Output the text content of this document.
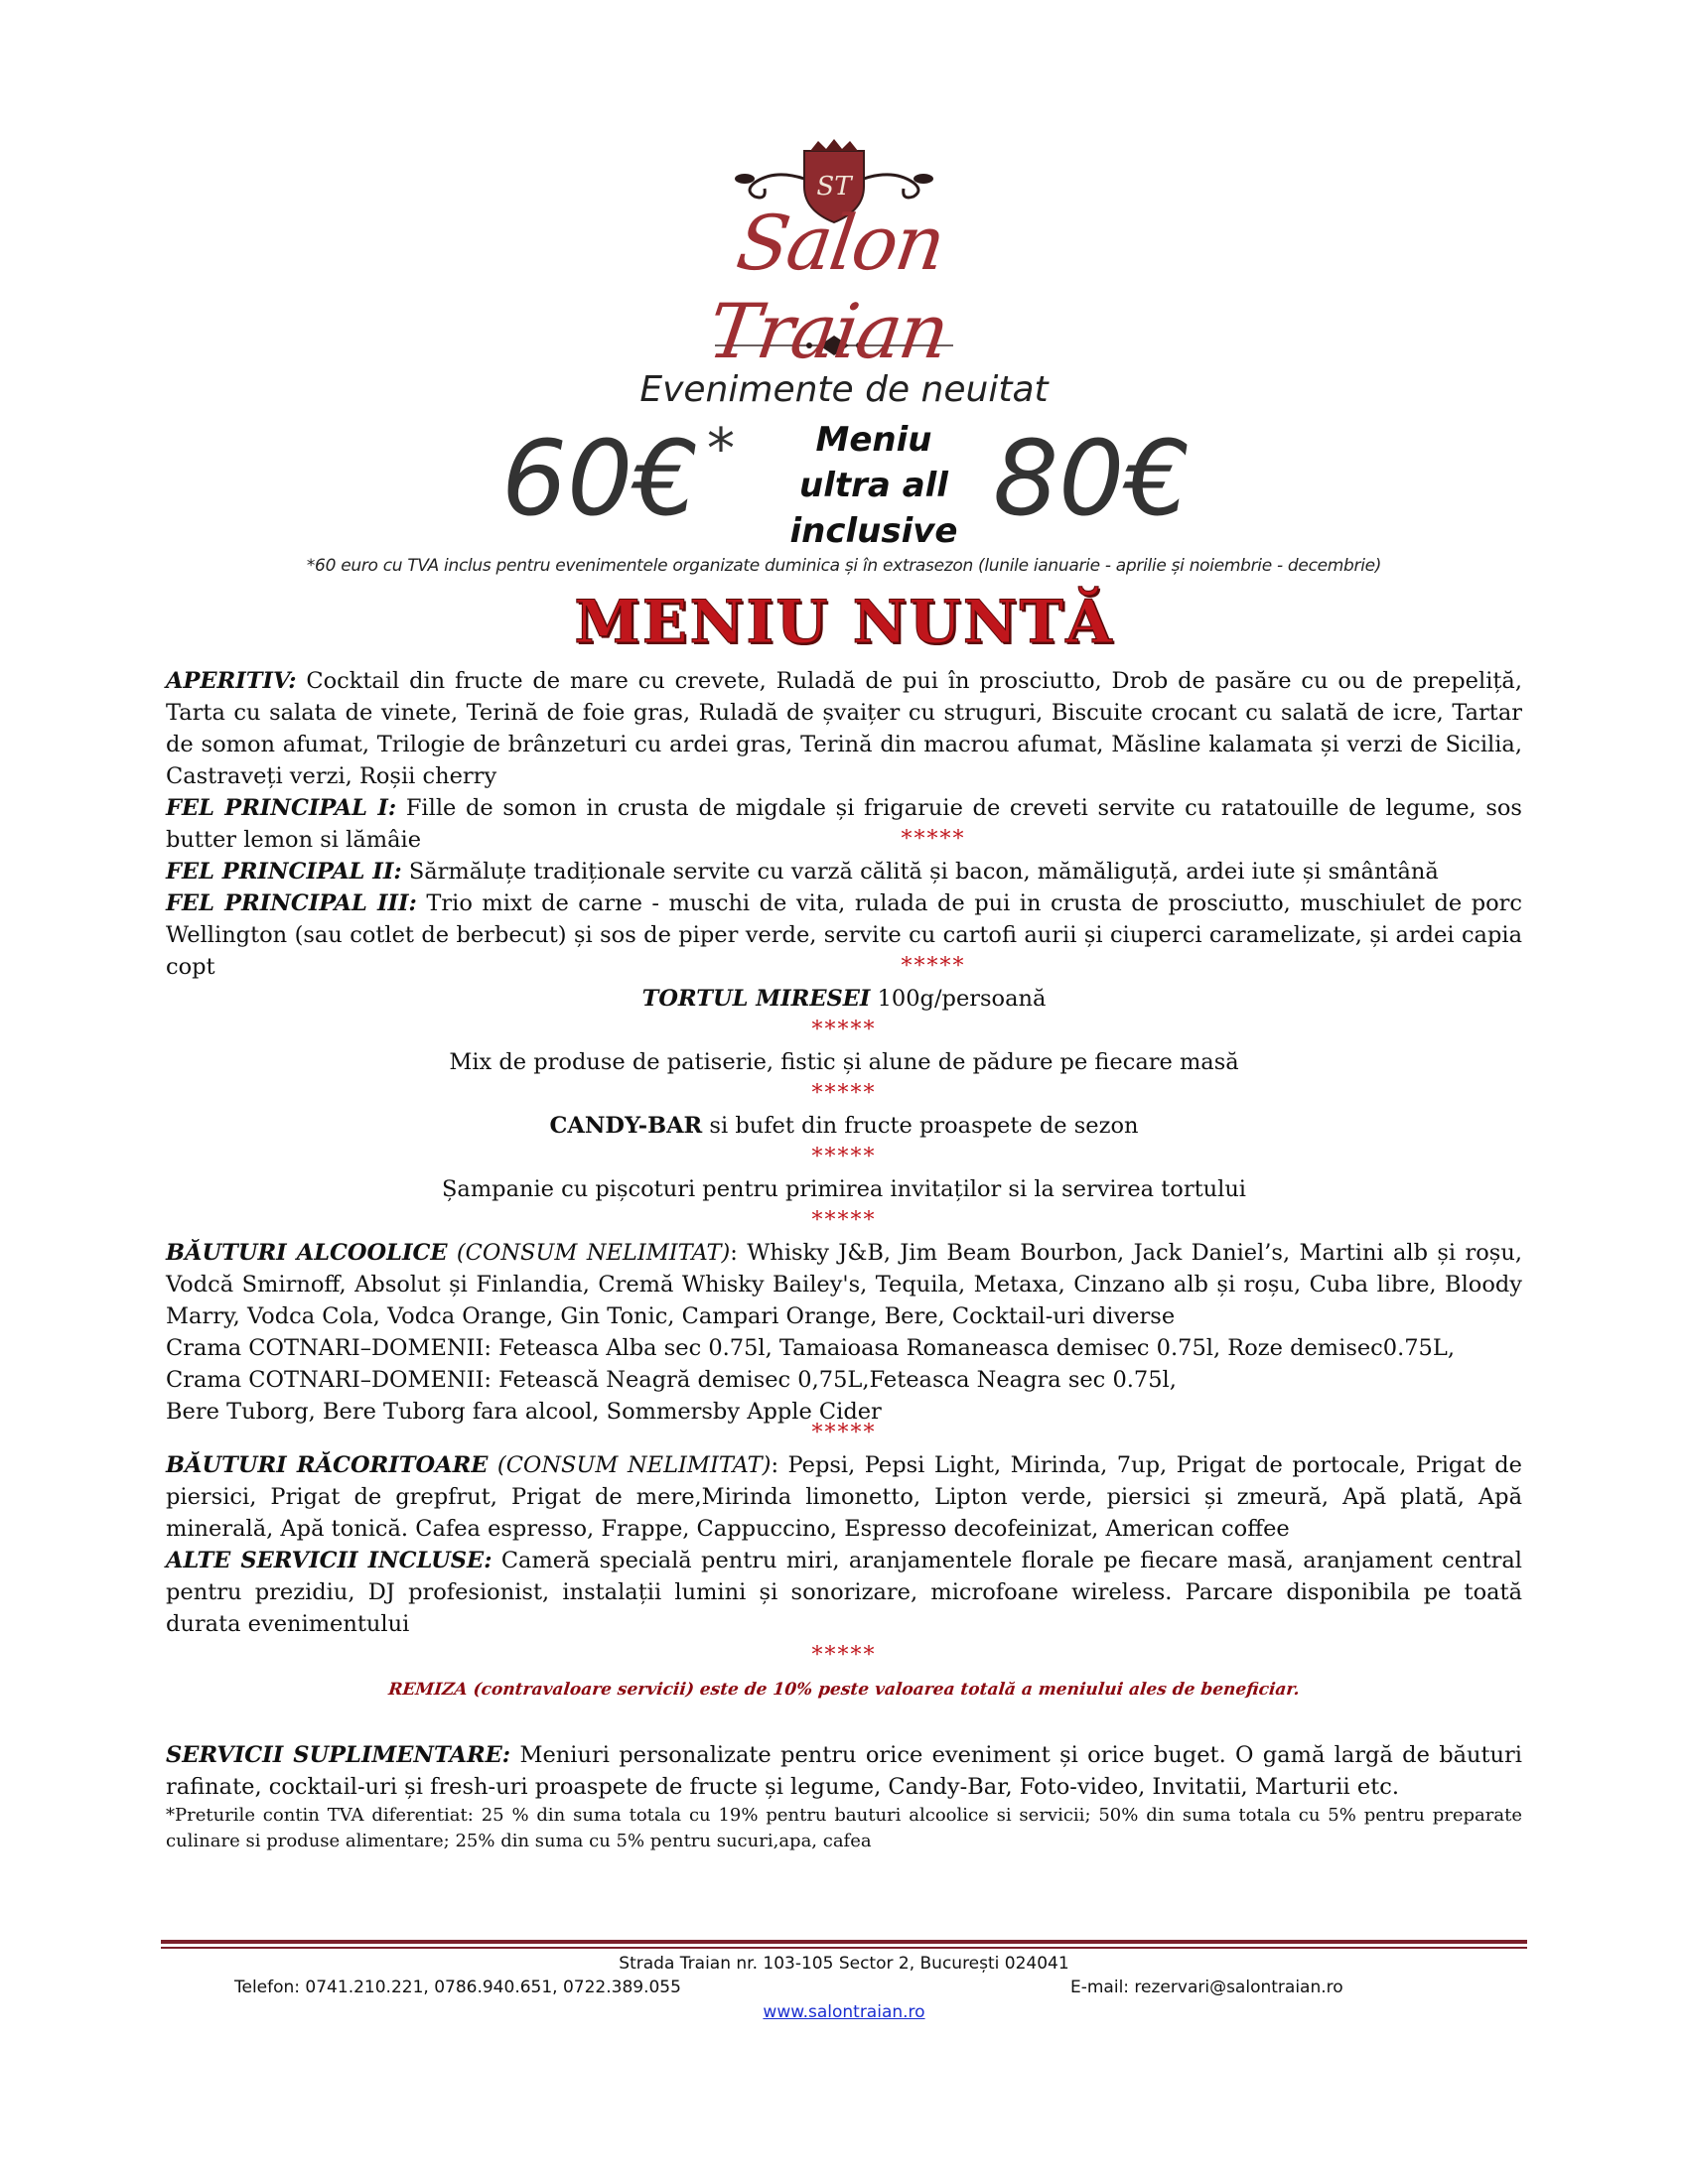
ST
Salon Traian
Evenimente de neuitat
60€ *	Meniu
ultra all
inclusive 80€
*60 euro cu TVA inclus pentru evenimentele organizate duminica și în extrasezon (lunile ianuarie - aprilie și noiembrie - decembrie)
MENIU NUNTĂ

APERITIV: Cocktail din fructe de mare cu crevete, Ruladă de pui în prosciutto, Drob de pasăre cu ou de prepeliță, Tarta cu salata de vinete, Terină de foie gras, Ruladă de șvaițer cu struguri, Biscuite crocant cu salată de icre, Tartar de somon afumat, Trilogie de brânzeturi cu ardei gras, Terină din macrou afumat, Măsline kalamata și verzi de Sicilia, Castraveți verzi, Roșii cherry

FEL PRINCIPAL I: Fille de somon in crusta de migdale și frigaruie de creveti servite cu ratatouille de legume, sos butter lemon si lămâie	*****

FEL PRINCIPAL II: Sărmăluțe tradiționale servite cu varză călită și bacon, mămăliguță, ardei iute și smântână

FEL PRINCIPAL III: Trio mixt de carne - muschi de vita, rulada de pui in crusta de prosciutto, muschiulet de porc Wellington (sau cotlet de berbecut) și sos de piper verde, servite cu cartofi aurii și ciuperci caramelizate, și ardei capia copt	*****

TORTUL MIRESEI 100g/persoană

*****

Mix de produse de patiserie, fistic și alune de pădure pe fiecare masă

*****

CANDY-BAR si bufet din fructe proaspete de sezon

*****

Șampanie cu pișcoturi pentru primirea invitaților si la servirea tortului

*****

BĂUTURI ALCOOLICE (CONSUM NELIMITAT): Whisky J&B, Jim Beam Bourbon, Jack Daniel’s, Martini alb și roșu, Vodcă Smirnoff, Absolut și Finlandia, Cremă Whisky Bailey's, Tequila, Metaxa, Cinzano alb și roșu, Cuba libre, Bloody Marry, Vodca Cola, Vodca Orange, Gin Tonic, Campari Orange, Bere, Cocktail-uri diverse

Crama COTNARI–DOMENII: Feteasca Alba sec 0.75l, Tamaioasa Romaneasca demisec 0.75l, Roze demisec0.75L,

Crama COTNARI–DOMENII: Fetească Neagră demisec 0,75L,Feteasca Neagra sec 0.75l,

Bere Tuborg, Bere Tuborg fara alcool, Sommersby Apple Cider

*****

BĂUTURI RĂCORITOARE (CONSUM NELIMITAT): Pepsi, Pepsi Light, Mirinda, 7up, Prigat de portocale, Prigat de piersici, Prigat de grepfrut, Prigat de mere,Mirinda limonetto, Lipton verde, piersici și zmeură, Apă plată, Apă minerală, Apă tonică. Cafea espresso, Frappe, Cappuccino, Espresso decofeinizat, American coffee

ALTE SERVICII INCLUSE: Cameră specială pentru miri, aranjamentele florale pe fiecare masă, aranjament central pentru prezidiu, DJ profesionist, instalații lumini și sonorizare, microfoane wireless. Parcare disponibila pe toată durata evenimentului

*****
REMIZA (contravaloare servicii) este de 10% peste valoarea totală a meniului ales de beneficiar.

SERVICII SUPLIMENTARE: Meniuri personalizate pentru orice eveniment și orice buget. O gamă largă de băuturi rafinate, cocktail-uri și fresh-uri proaspete de fructe și legume, Candy-Bar, Foto-video, Invitatii, Marturii etc.

*Preturile contin TVA diferentiat: 25 % din suma totala cu 19% pentru bauturi alcoolice si servicii; 50% din suma totala cu 5% pentru preparate culinare si produse alimentare; 25% din suma cu 5% pentru sucuri,apa, cafea

Strada Traian nr. 103-105 Sector 2, București 024041
Telefon: 0741.210.221, 0786.940.651, 0722.389.055	E-mail: rezervari@salontraian.ro
www.salontraian.ro
